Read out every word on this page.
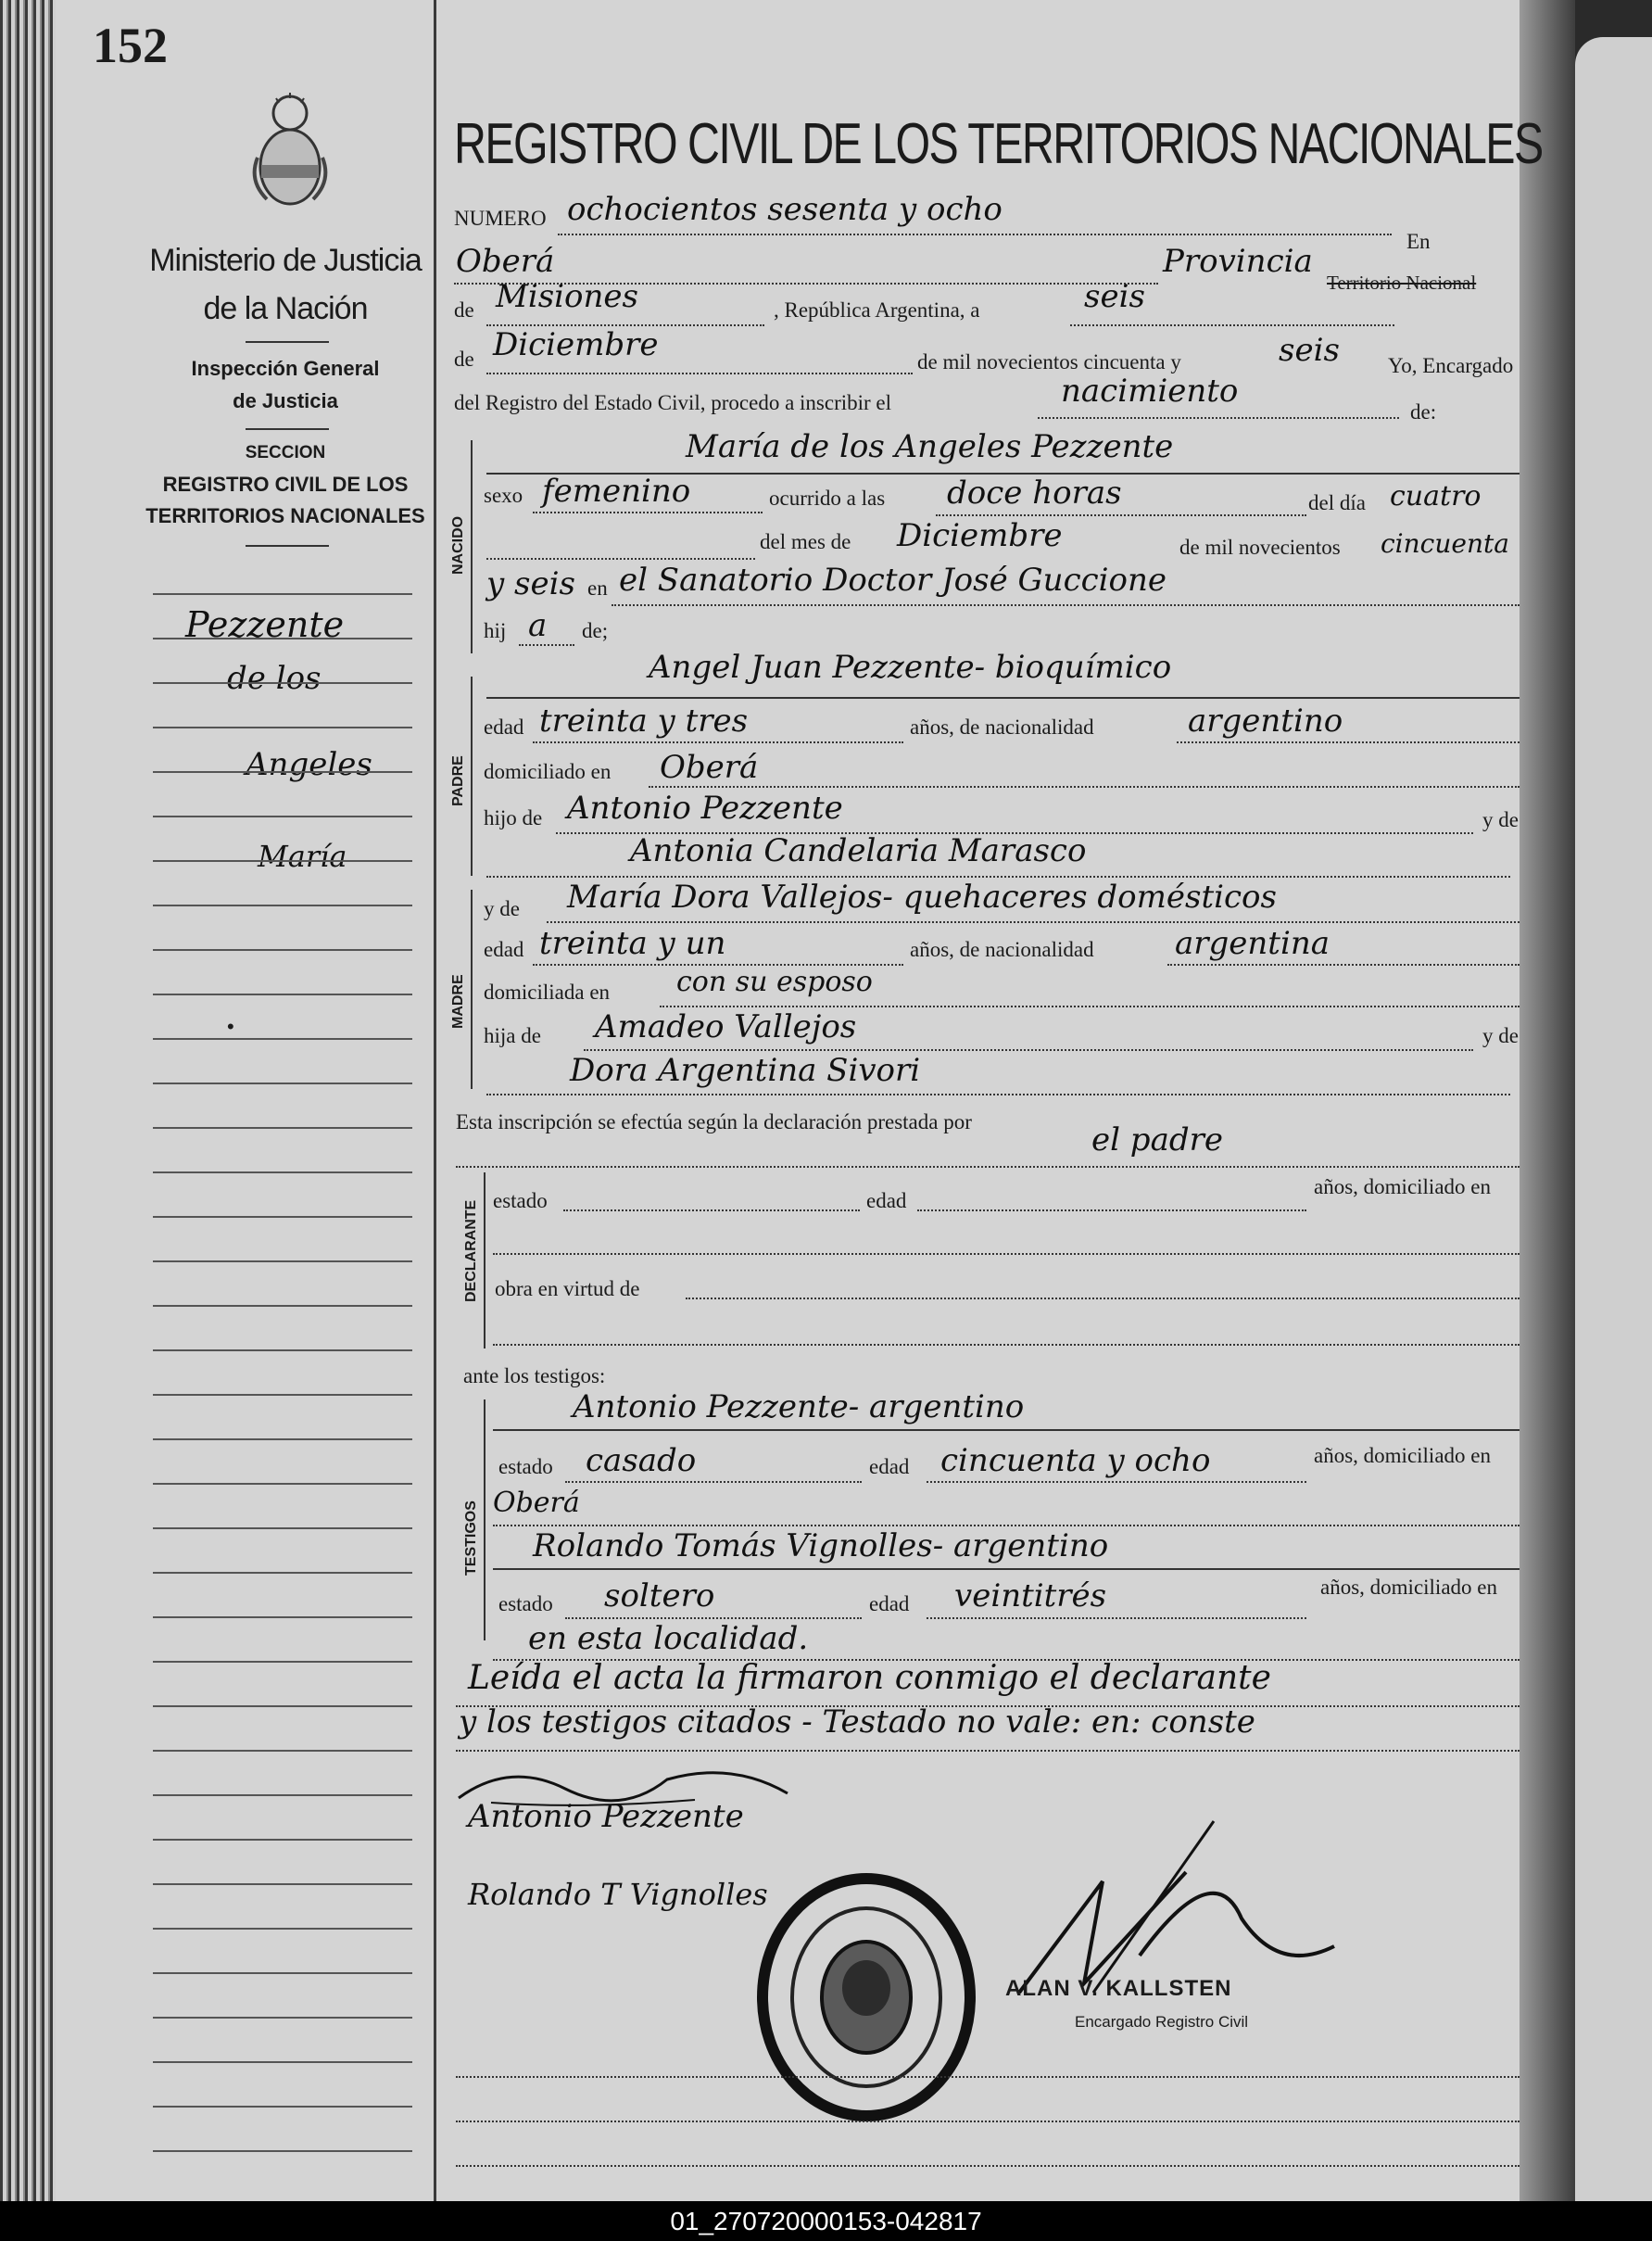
152
Ministerio de Justicia
de la Nación
Inspección General
de Justicia
SECCION
REGISTRO CIVIL DE LOS
TERRITORIOS NACIONALES
Pezzente
de los
Angeles
María
•
REGISTRO CIVIL DE LOS TERRITORIOS NACIONALES
NUMERO ochocientos sesenta y ocho
En
Oberá	Provincia
Territorio Nacional
de Misiones	, República Argentina, a	seis
de Diciembre	de mil novecientos cincuenta y	seis Yo, Encargado
del Registro del Estado Civil, procedo a inscribir el	nacimiento
de:
NACIDO
María de los Angeles Pezzente
sexo femenino	ocurrido a las doce horas	del día cuatro
del mes de Diciembre	de mil novecientos cincuenta
y seis en el Sanatorio Doctor José Guccione
hij a de;
PADRE
Angel Juan Pezzente- bioquímico
edad treinta y tres	años, de nacionalidad	argentino
domiciliado en Oberá
hijo de Antonio Pezzente	y de
Antonia Candelaria Marasco
MADRE
y de María Dora Vallejos- quehaceres domésticos
edad treinta y un	años, de nacionalidad	argentina
domiciliada en con su esposo
hija de Amadeo Vallejos	y de
Dora Argentina Sivori
Esta inscripción se efectúa según la declaración prestada por	el padre
DECLARANTE estado	edad
años, domiciliado en
obra en virtud de
ante los testigos:
TESTIGOS
Antonio Pezzente- argentino
estado casado	edad cincuenta y ocho	años, domiciliado en
Oberá
Rolando Tomás Vignolles- argentino
estado soltero	edad veintitrés	años, domiciliado en
en esta localidad.
Leída el acta la firmaron conmigo el declarante
y los testigos citados - Testado no vale: en: conste
Antonio Pezzente
Rolando T Vignolles
ALAN V. KALLSTEN
Encargado Registro Civil
01_270720000153-042817
